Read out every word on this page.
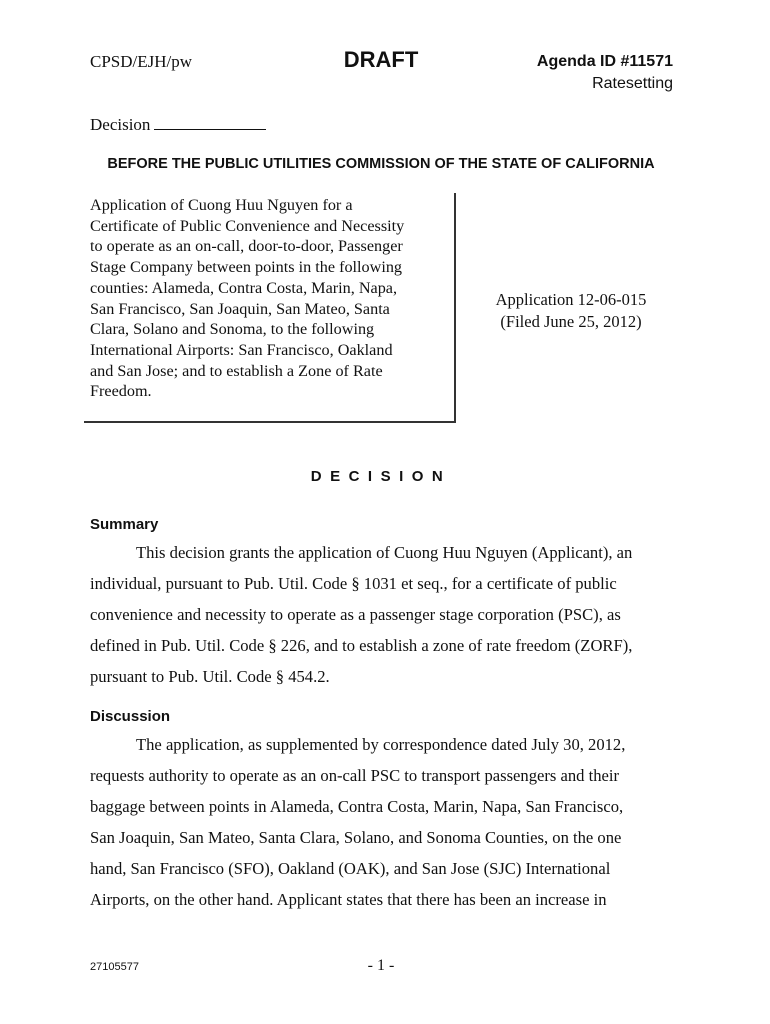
CPSD/EJH/pw	DRAFT	Agenda ID #11571
Ratesetting
Decision
BEFORE THE PUBLIC UTILITIES COMMISSION OF THE STATE OF CALIFORNIA
Application of Cuong Huu Nguyen for a
Certificate of Public Convenience and Necessity
to operate as an on-call, door-to-door, Passenger
Stage Company between points in the following
counties: Alameda, Contra Costa, Marin, Napa,
San Francisco, San Joaquin, San Mateo, Santa
Clara, Solano and Sonoma, to the following
International Airports: San Francisco, Oakland
and San Jose; and to establish a Zone of Rate
Freedom.
Application 12-06-015
(Filed June 25, 2012)
DECISION
Summary
This decision grants the application of Cuong Huu Nguyen (Applicant), an
individual, pursuant to Pub. Util. Code § 1031 et seq., for a certificate of public
convenience and necessity to operate as a passenger stage corporation (PSC), as
defined in Pub. Util. Code § 226, and to establish a zone of rate freedom (ZORF),
pursuant to Pub. Util. Code § 454.2.
Discussion
The application, as supplemented by correspondence dated July 30, 2012,
requests authority to operate as an on-call PSC to transport passengers and their
baggage between points in Alameda, Contra Costa, Marin, Napa, San Francisco,
San Joaquin, San Mateo, Santa Clara, Solano, and Sonoma Counties, on the one
hand, San Francisco (SFO), Oakland (OAK), and San Jose (SJC) International
Airports, on the other hand. Applicant states that there has been an increase in
27105577	- 1 -
